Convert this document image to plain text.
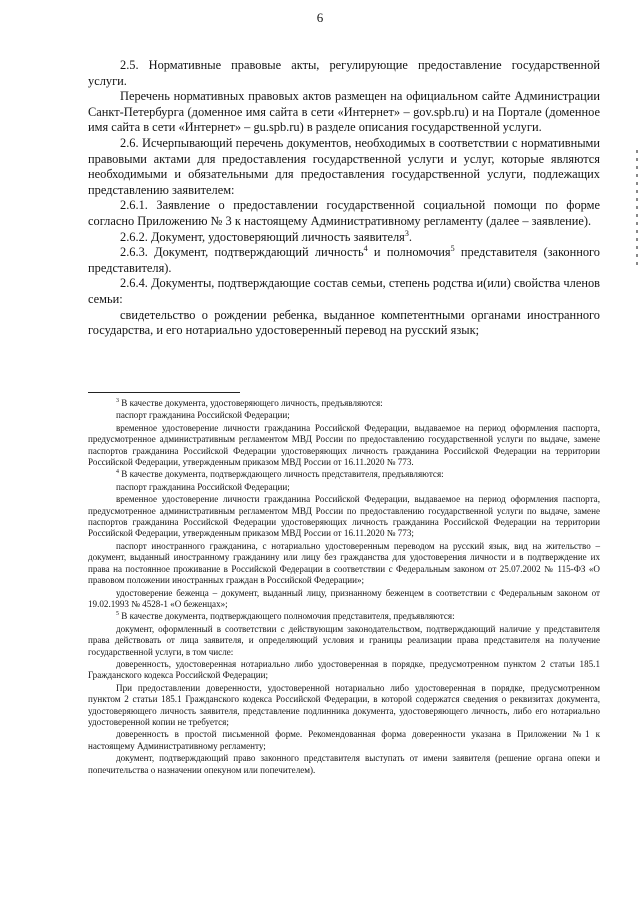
6

2.5. Нормативные правовые акты, регулирующие предоставление государственной услуги.

Перечень нормативных правовых актов размещен на официальном сайте Администрации Санкт-Петербурга (доменное имя сайта в сети «Интернет» – gov.spb.ru) и на Портале (доменное имя сайта в сети «Интернет» – gu.spb.ru) в разделе описания государственной услуги.

2.6. Исчерпывающий перечень документов, необходимых в соответствии с нормативными правовыми актами для предоставления государственной услуги и услуг, которые являются необходимыми и обязательными для предоставления государственной услуги, подлежащих представлению заявителем:

2.6.1. Заявление о предоставлении государственной социальной помощи по форме согласно Приложению № 3 к настоящему Административному регламенту (далее – заявление).

2.6.2. Документ, удостоверяющий личность заявителя$^3$.

2.6.3. Документ, подтверждающий личность$^4$ и полномочия$^5$ представителя (законного представителя).

2.6.4. Документы, подтверждающие состав семьи, степень родства и(или) свойства членов семьи:

свидетельство о рождении ребенка, выданное компетентными органами иностранного государства, и его нотариально удостоверенный перевод на русский язык;

$^3$ В качестве документа, удостоверяющего личность, предъявляются:

паспорт гражданина Российской Федерации;

временное удостоверение личности гражданина Российской Федерации, выдаваемое на период оформления паспорта, предусмотренное административным регламентом МВД России по предоставлению государственной услуги по выдаче, замене паспортов гражданина Российской Федерации удостоверяющих личность гражданина Российской Федерации на территории Российской Федерации, утвержденным приказом МВД России от 16.11.2020 № 773.

$^4$ В качестве документа, подтверждающего личность представителя, предъявляются:

паспорт гражданина Российской Федерации;

временное удостоверение личности гражданина Российской Федерации, выдаваемое на период оформления паспорта, предусмотренное административным регламентом МВД России по предоставлению государственной услуги по выдаче, замене паспортов гражданина Российской Федерации удостоверяющих личность гражданина Российской Федерации на территории Российской Федерации, утвержденным приказом МВД России от 16.11.2020 № 773;

паспорт иностранного гражданина, с нотариально удостоверенным переводом на русский язык, вид на жительство – документ, выданный иностранному гражданину или лицу без гражданства для удостоверения личности и в подтверждение их права на постоянное проживание в Российской Федерации в соответствии с Федеральным законом от 25.07.2002 № 115-ФЗ «О правовом положении иностранных граждан в Российской Федерации»;

удостоверение беженца – документ, выданный лицу, признанному беженцем в соответствии с Федеральным законом от 19.02.1993 № 4528-1 «О беженцах»;

$^5$ В качестве документа, подтверждающего полномочия представителя, предъявляются:

документ, оформленный в соответствии с действующим законодательством, подтверждающий наличие у представителя права действовать от лица заявителя, и определяющий условия и границы реализации права представителя на получение государственной услуги, в том числе:

доверенность, удостоверенная нотариально либо удостоверенная в порядке, предусмотренном пунктом 2 статьи 185.1 Гражданского кодекса Российской Федерации;

При предоставлении доверенности, удостоверенной нотариально либо удостоверенная в порядке, предусмотренном пунктом 2 статьи 185.1 Гражданского кодекса Российской Федерации, в которой содержатся сведения о реквизитах документа, удостоверяющего личность заявителя, представление подлинника документа, удостоверяющего личность, либо его нотариально удостоверенной копии не требуется;

доверенность в простой письменной форме. Рекомендованная форма доверенности указана в Приложении №1 к настоящему Административному регламенту;

документ, подтверждающий право законного представителя выступать от имени заявителя (решение органа опеки и попечительства о назначении опекуном или попечителем).
